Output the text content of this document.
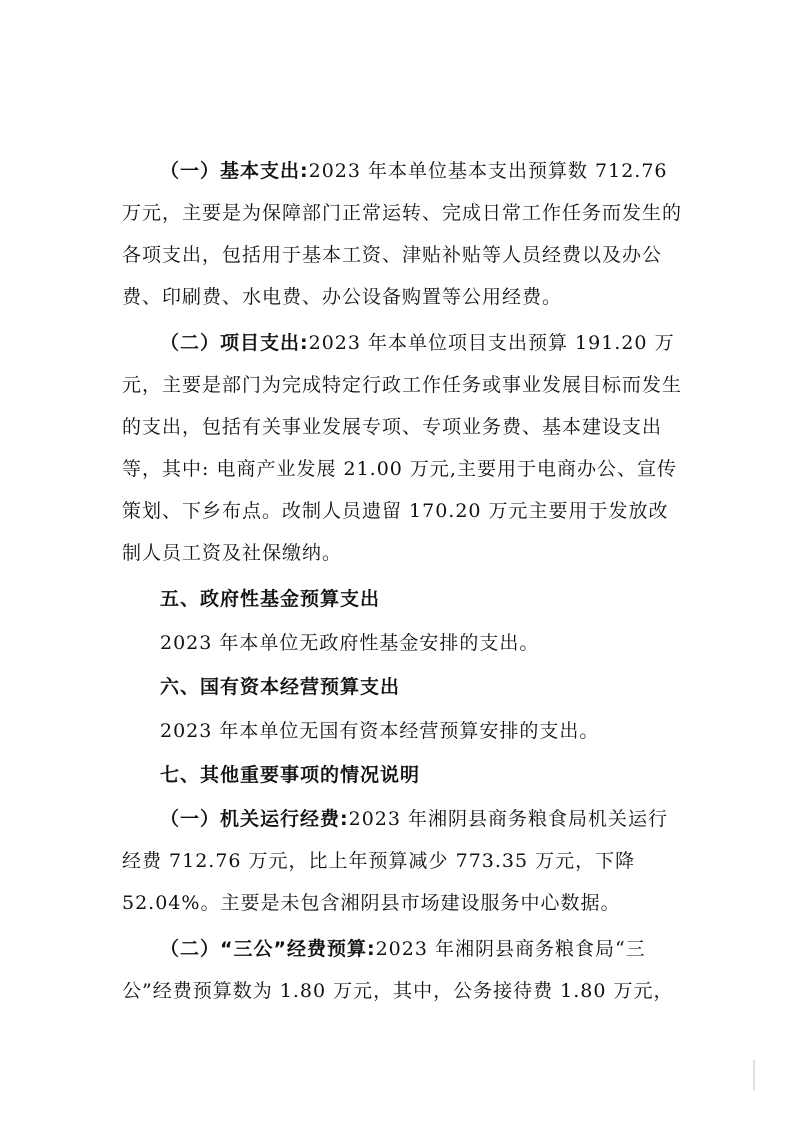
（一）基本支出:2023 年本单位基本支出预算数 712.76 万元，主要是为保障部门正常运转、完成日常工作任务而发生的各项支出，包括用于基本工资、津贴补贴等人员经费以及办公费、印刷费、水电费、办公设备购置等公用经费。

（二）项目支出:2023 年本单位项目支出预算 191.20 万元，主要是部门为完成特定行政工作任务或事业发展目标而发生的支出，包括有关事业发展专项、专项业务费、基本建设支出等，其中: 电商产业发展 21.00 万元,主要用于电商办公、宣传策划、下乡布点。改制人员遗留 170.20 万元主要用于发放改制人员工资及社保缴纳。

五、政府性基金预算支出

2023 年本单位无政府性基金安排的支出。

六、国有资本经营预算支出

2023 年本单位无国有资本经营预算安排的支出。

七、其他重要事项的情况说明

（一）机关运行经费:2023 年湘阴县商务粮食局机关运行经费 712.76 万元，比上年预算减少 773.35 万元，下降 52.04%。主要是未包含湘阴县市场建设服务中心数据。

（二）“三公”经费预算:2023 年湘阴县商务粮食局“三公”经费预算数为 1.80 万元，其中，公务接待费 1.80 万元，
